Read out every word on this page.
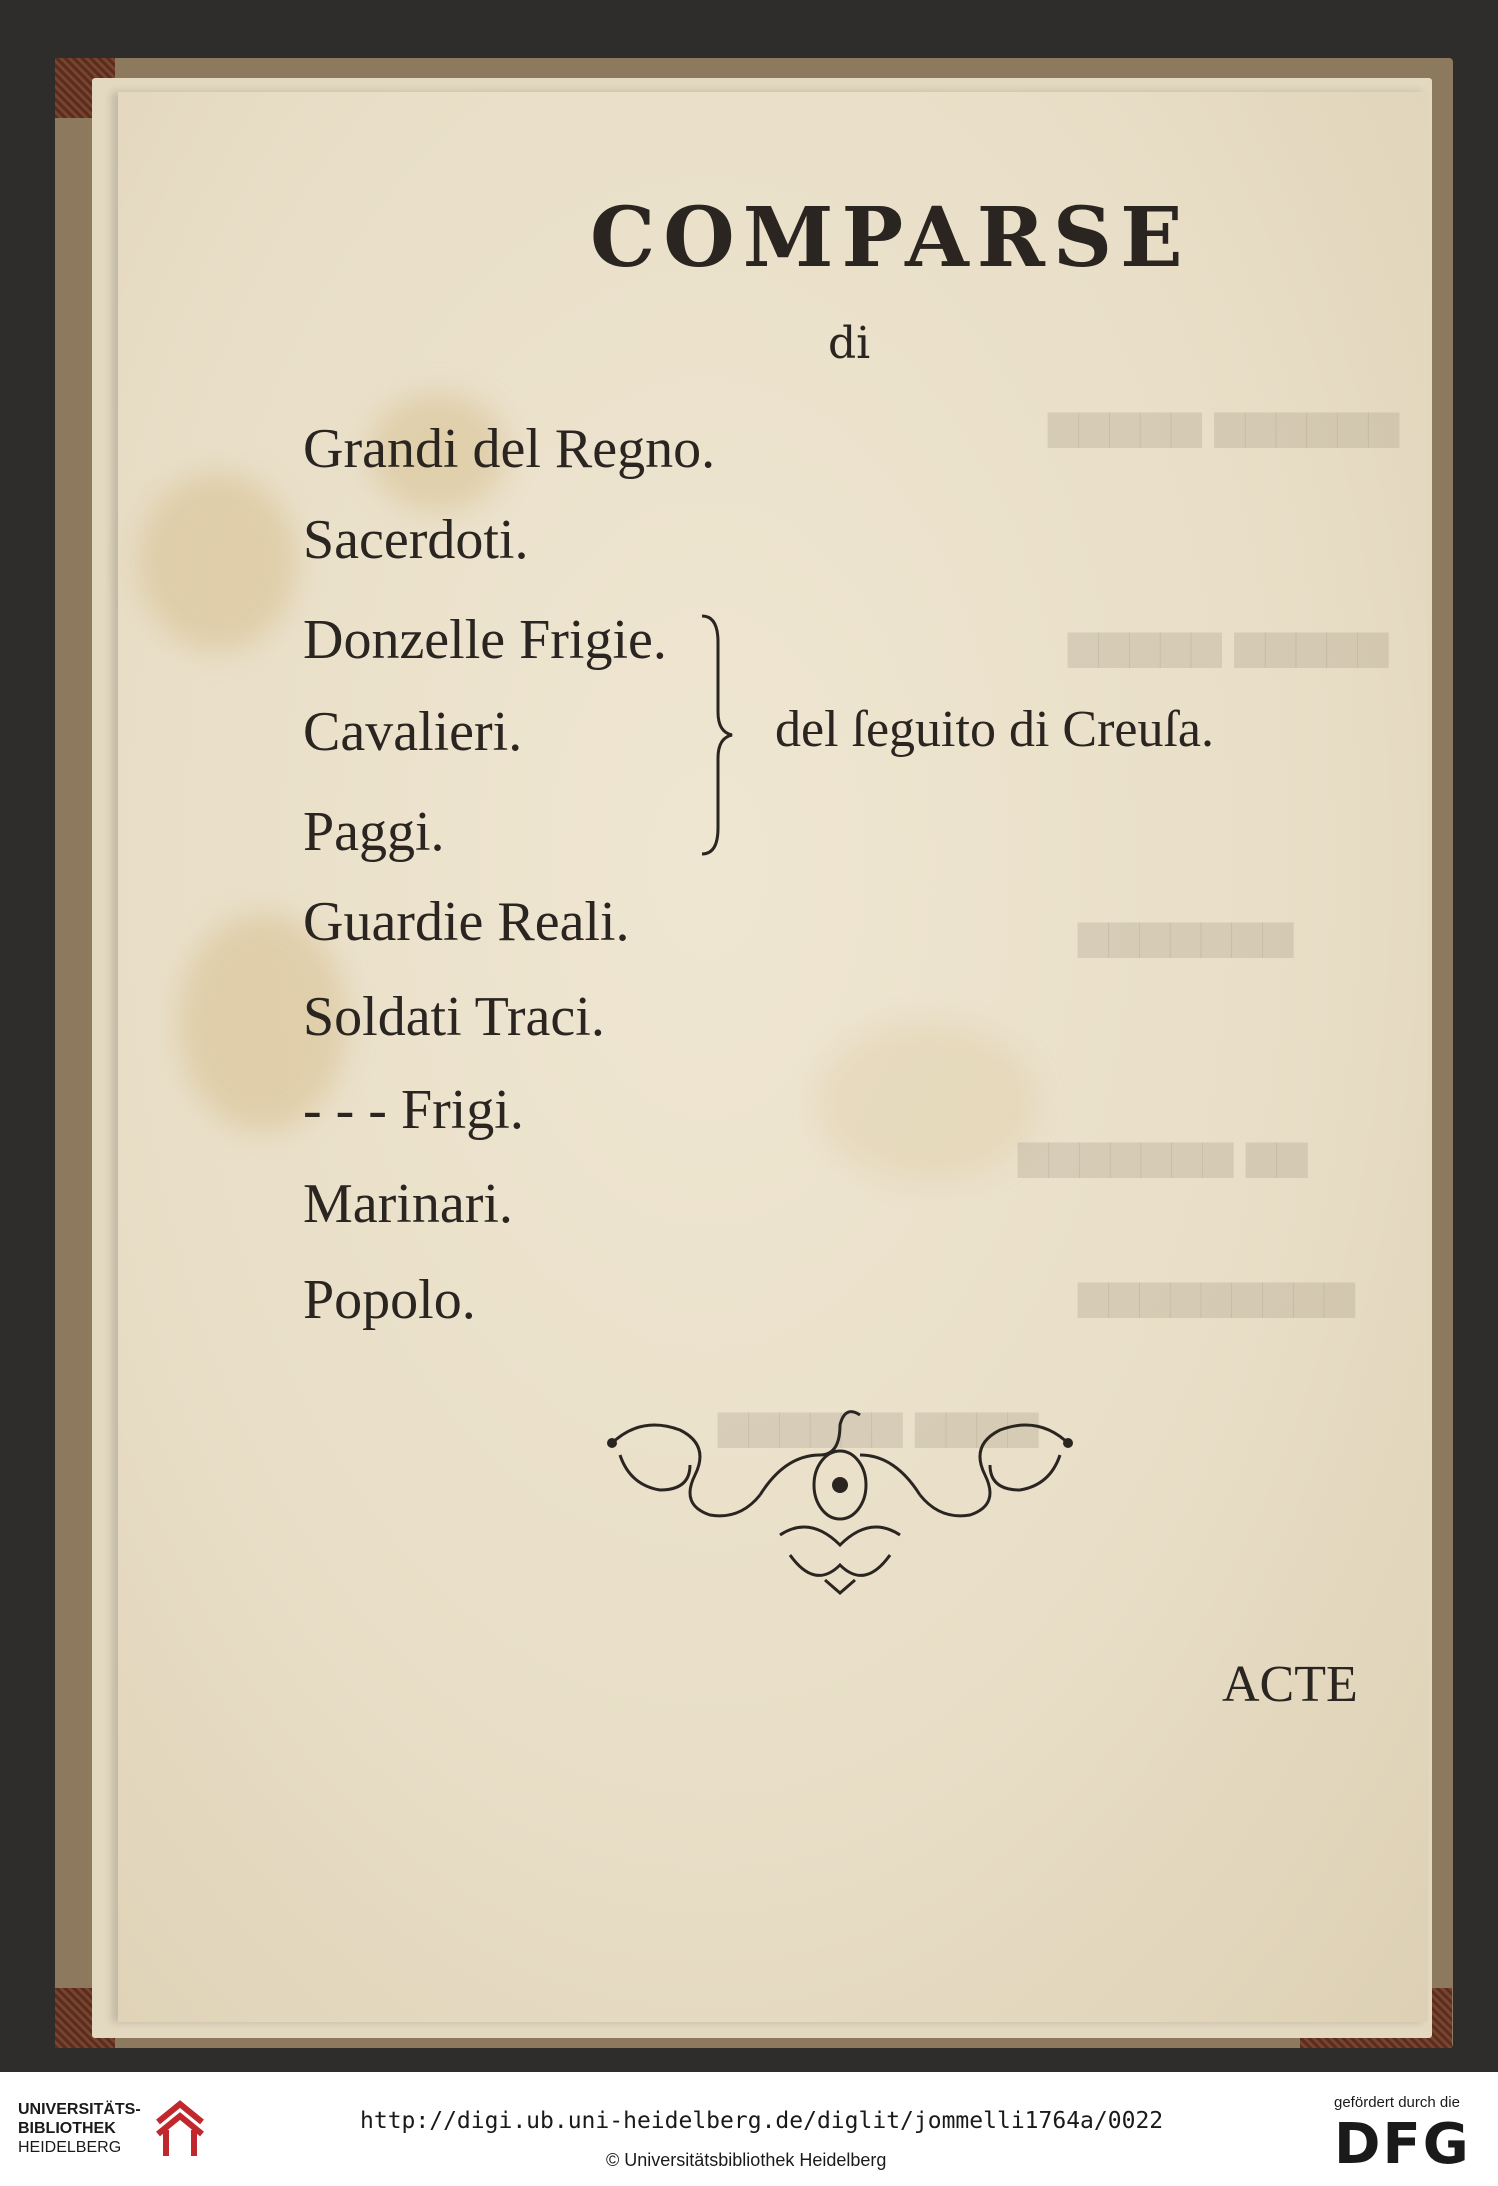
▆▆▆▆▆ ▆▆▆▆▆▆
▆▆▆▆▆ ▆▆▆▆▆
▆▆▆▆▆▆▆
▆▆▆▆▆▆▆ ▆▆
▆▆▆▆▆▆▆▆▆
▆▆▆▆▆▆ ▆▆▆▆
COMPARSE
di
Grandi del Regno.
Sacerdoti.
Donzelle Frigie.
Cavalieri.
Paggi.
Guardie Reali.
Soldati Traci.
- - - Frigi.
Marinari.
Popolo.
del ſeguito di Creuſa.
ACTE
UNIVERSITÄTS-
BIBLIOTHEK
HEIDELBERG
http://digi.ub.uni-heidelberg.de/diglit/jommelli1764a/0022
© Universitätsbibliothek Heidelberg
gefördert durch die
DFG
